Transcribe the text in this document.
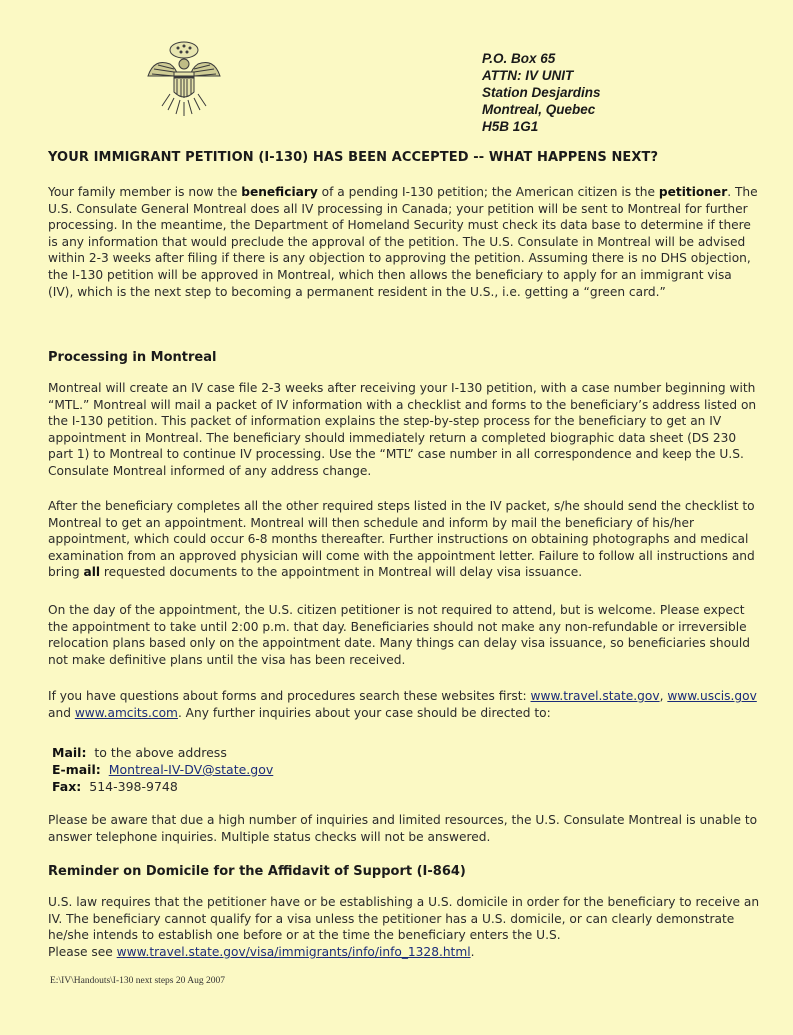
P.O. Box 65
ATTN: IV UNIT
Station Desjardins
Montreal, Quebec
H5B 1G1
YOUR IMMIGRANT PETITION (I-130) HAS BEEN ACCEPTED -- WHAT HAPPENS NEXT?

Your family member is now the beneficiary of a pending I-130 petition; the American citizen is the petitioner. The U.S. Consulate General Montreal does all IV processing in Canada; your petition will be sent to Montreal for further processing. In the meantime, the Department of Homeland Security must check its data base to determine if there is any information that would preclude the approval of the petition. The U.S. Consulate in Montreal will be advised within 2-3 weeks after filing if there is any objection to approving the petition. Assuming there is no DHS objection, the I-130 petition will be approved in Montreal, which then allows the beneficiary to apply for an immigrant visa (IV), which is the next step to becoming a permanent resident in the U.S., i.e. getting a “green card.”

Processing in Montreal

Montreal will create an IV case file 2-3 weeks after receiving your I-130 petition, with a case number beginning with “MTL.” Montreal will mail a packet of IV information with a checklist and forms to the beneficiary’s address listed on the I-130 petition. This packet of information explains the step-by-step process for the beneficiary to get an IV appointment in Montreal. The beneficiary should immediately return a completed biographic data sheet (DS 230 part 1) to Montreal to continue IV processing. Use the “MTL” case number in all correspondence and keep the U.S. Consulate Montreal informed of any address change.

After the beneficiary completes all the other required steps listed in the IV packet, s/he should send the checklist to Montreal to get an appointment. Montreal will then schedule and inform by mail the beneficiary of his/her appointment, which could occur 6-8 months thereafter. Further instructions on obtaining photographs and medical examination from an approved physician will come with the appointment letter. Failure to follow all instructions and bring all requested documents to the appointment in Montreal will delay visa issuance.

On the day of the appointment, the U.S. citizen petitioner is not required to attend, but is welcome. Please expect the appointment to take until 2:00 p.m. that day. Beneficiaries should not make any non-refundable or irreversible relocation plans based only on the appointment date. Many things can delay visa issuance, so beneficiaries should not make definitive plans until the visa has been received.

If you have questions about forms and procedures search these websites first: www.travel.state.gov, www.uscis.gov and www.amcits.com. Any further inquiries about your case should be directed to:

Mail: to the above address
E-mail: Montreal-IV-DV@state.gov
Fax: 514-398-9748

Please be aware that due a high number of inquiries and limited resources, the U.S. Consulate Montreal is unable to answer telephone inquiries. Multiple status checks will not be answered.

Reminder on Domicile for the Affidavit of Support (I-864)

U.S. law requires that the petitioner have or be establishing a U.S. domicile in order for the beneficiary to receive an IV. The beneficiary cannot qualify for a visa unless the petitioner has a U.S. domicile, or can clearly demonstrate he/she intends to establish one before or at the time the beneficiary enters the U.S.

Please see www.travel.state.gov/visa/immigrants/info/info_1328.html.

E:\IV\Handouts\I-130 next steps 20 Aug 2007
